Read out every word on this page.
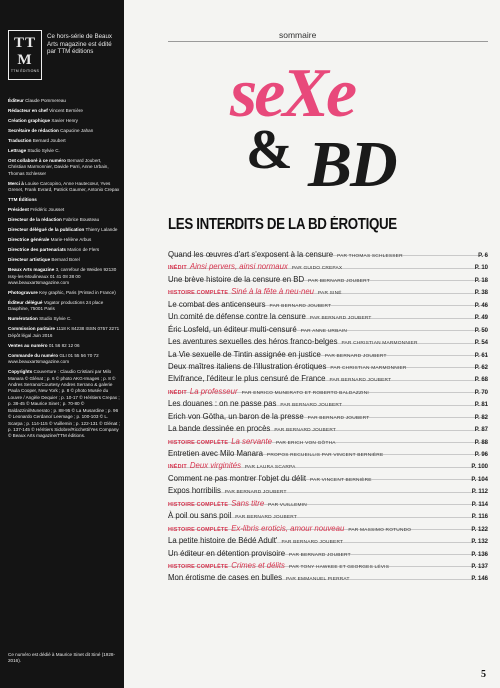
TT
M
TTM ÉDITIONS
Ce hors-série de Beaux Arts magazine est édité par TTM éditions
Éditeur Claude Pommereau
Rédacteur en chef Vincent Bernière
Création graphique Xavier Henry
Secrétaire de rédaction Capucine Jahan
Traduction Bernard Joubert
Lettrage Studio Sylvie C.
Ont collaboré à ce numéro Bernard Joubert, Christian Marmonnier, Davide Parri, Anne Urbain, Thomas Schlesser
Merci à Louise Carcopino, Anne Hautecœur, Yves Grenet, Frank Evrard, Patrick Gaumer, Antonio Crepax
TTM Éditions
Président Frédéric Jousset
Directeur de la rédaction Fabrice Bousteau
Directeur délégué de la publication Thierry Lalande
Directrice générale Marie-Hélène Arbus
Directrice des partenariats Marion de Flers
Directeur artistique Bernard Borel
Beaux Arts magazine 3, carrefour de Weiden 92130 Issy-les-Moulineaux 01 41 08 38 00 www.beauxartsmagazine.com
Photogravure Key graphic, Paris (Printed in France)
Éditeur délégué Vogator productions 24 place Dauphine, 75001 Paris
Numérotation Studio Sylvie C.
Commission paritaire 1118 K 84238 ISSN 0757 2271 Dépôt légal Juin 2016
Ventes au numéro 01 56 82 12 06
Commande du numéro GLI 01 55 56 70 72 www.beauxartsmagazine.com
Copyrights Couverture : Claudio Cristiani par Milo Manara © Glénat ; p. 6 © photo AKG-Images ; p. 8 © Andres Serrano/Courtesy Andres Serrano & galerie Paula Cooper, New York ; p. 8 © photo Musée du Louvre / Angèle Dequier ; p. 10-17 © Héritiers Crepax ; p. 38-45 © Maurice Sinet ; p. 70-80 © Baldazzini/Munerato ; p. 88-95 © La Musardine ; p. 96 © Leonardo Cerdano/ Leemage ; p. 100-103 © L. Scarpa ; p. 114-115 © Vuillemin ; p. 122-131 © Glénat ; p. 137-145 © Héritiers Sidobre/Ricchetti/Yes Company © Beaux Arts magazine/TTM éditions.
Ce numéro est dédié à Maurice Sinet dit Siné (1928-2016).
sommaire
seXe
& BD
LES INTERDITS DE LA BD ÉROTIQUE
Quand les œuvres d'art s'exposent à la censure PAR THOMAS SCHLESSER	P. 6
INÉDIT Ainsi pervers, ainsi normaux PAR GUIDO CREPAX	P. 10
Une brève histoire de la censure en BD PAR BERNARD JOUBERT	P. 18
HISTOIRE COMPLÈTE Siné à la fête à neu-neu PAR SINÉ	P. 38
Le combat des anticenseurs PAR BERNARD JOUBERT	P. 46
Un comité de défense contre la censure PAR BERNARD JOUBERT	P. 49
Éric Losfeld, un éditeur multi-censuré PAR ANNE URBAIN	P. 50
Les aventures sexuelles des héros franco-belges PAR CHRISTIAN MARMONNIER	P. 54
La Vie sexuelle de Tintin assignée en justice PAR BERNARD JOUBERT	P. 61
Deux maîtres italiens de l'illustration érotiques PAR CHRISTIAN MARMONNIER	P. 62
Elvifrance, l'éditeur le plus censuré de France PAR BERNARD JOUBERT	P. 68
INÉDIT La professeur PAR ENRICO MUNERATO ET ROBERTO BALDAZZINI	P. 70
Les douanes : on ne passe pas PAR BERNARD JOUBERT	P. 81
Erich von Götha, un baron de la presse PAR BERNARD JOUBERT	P. 82
La bande dessinée en procès PAR BERNARD JOUBERT	P. 87
HISTOIRE COMPLÈTE La servante PAR ERICH VON GÖTHA	P. 88
Entretien avec Milo Manara PROPOS RECUEILLIS PAR VINCENT BERNIÈRE	P. 96
INÉDIT Deux virginités PAR LAURA SCARPA	P. 100
Comment ne pas montrer l'objet du délit PAR VINCENT BERNIÈRE	P. 104
Expos horribilis PAR BERNARD JOUBERT	P. 112
HISTOIRE COMPLÈTE Sans titre PAR VUILLEMIN	P. 114
À poil ou sans poil PAR BERNARD JOUBERT	P. 116
HISTOIRE COMPLÈTE Ex-libris eroticis, amour nouveau PAR MASSIMO ROTUNDO	P. 122
La petite histoire de Bédé Adult' PAR BERNARD JOUBERT	P. 132
Un éditeur en détention provisoire PAR BERNARD JOUBERT	P. 136
HISTOIRE COMPLÈTE Crimes et délits PAR TONY HAWKEE ET GEORGES LÉVIS	P. 137
Mon érotisme de cases en bulles PAR EMMANUEL PIERRAT	P. 146
5
